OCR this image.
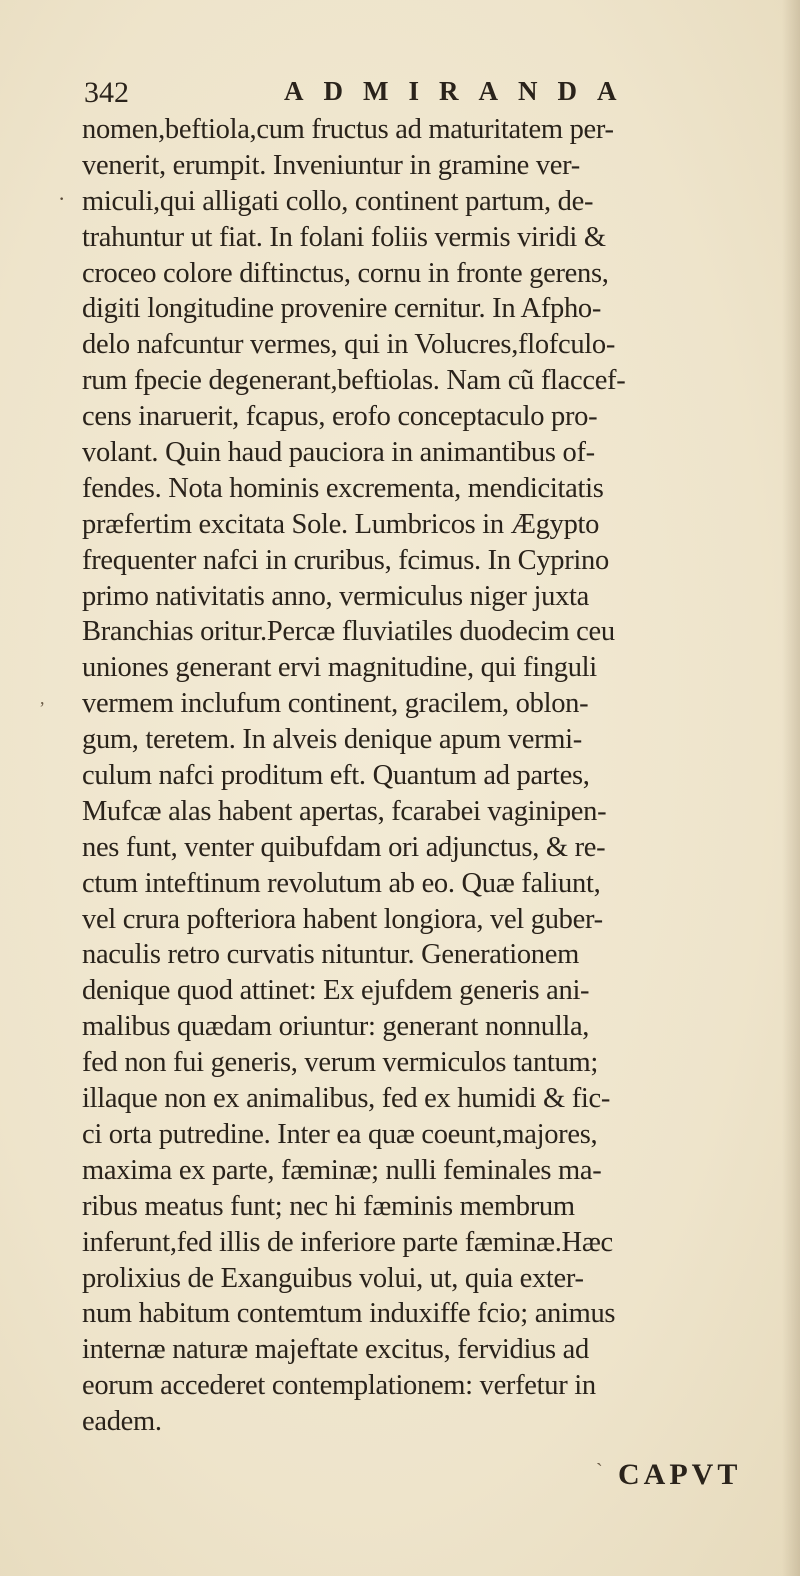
342	ADMIRANDA
·
,
nomen,beftiola,cum fructus ad maturitatem per-
venerit, erumpit. Inveniuntur in gramine ver-
miculi,qui alligati collo, continent partum, de-
trahuntur ut fiat. In folani foliis vermis viridi &
croceo colore diftinctus, cornu in fronte gerens,
digiti longitudine provenire cernitur. In Afpho-
delo nafcuntur vermes, qui in Volucres,flofculo-
rum fpecie degenerant,beftiolas. Nam cũ flaccef-
cens inaruerit, fcapus, erofo conceptaculo pro-
volant. Quin haud pauciora in animantibus of-
fendes. Nota hominis excrementa, mendicitatis
præfertim excitata Sole. Lumbricos in Ægypto
frequenter nafci in cruribus, fcimus. In Cyprino
primo nativitatis anno, vermiculus niger juxta
Branchias oritur.Percæ fluviatiles duodecim ceu
uniones generant ervi magnitudine, qui finguli
vermem inclufum continent, gracilem, oblon-
gum, teretem. In alveis denique apum vermi-
culum nafci proditum eft. Quantum ad partes,
Mufcæ alas habent apertas, fcarabei vaginipen-
nes funt, venter quibufdam ori adjunctus, & re-
ctum inteftinum revolutum ab eo. Quæ faliunt,
vel crura pofteriora habent longiora, vel guber-
naculis retro curvatis nituntur. Generationem
denique quod attinet: Ex ejufdem generis ani-
malibus quædam oriuntur: generant nonnulla,
fed non fui generis, verum vermiculos tantum;
illaque non ex animalibus, fed ex humidi & fic-
ci orta putredine. Inter ea quæ coeunt,majores,
maxima ex parte, fæminæ; nulli feminales ma-
ribus meatus funt; nec hi fæminis membrum
inferunt,fed illis de inferiore parte fæminæ.Hæc
prolixius de Exanguibus volui, ut, quia exter-
num habitum contemtum induxiffe fcio; animus
internæ naturæ majeftate excitus, fervidius ad
eorum accederet contemplationem: verfetur in
eadem.
ˋ CAPVT
